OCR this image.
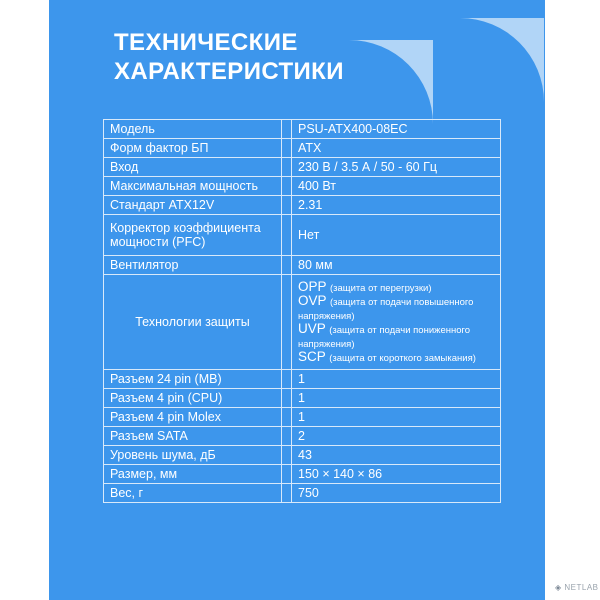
ТЕХНИЧЕСКИЕ
ХАРАКТЕРИСТИКИ
Модель		PSU-ATX400-08EC
Форм фактор БП		ATX
Вход		230 В / 3.5 А / 50 - 60 Гц
Максимальная мощность		400 Вт
Стандарт ATX12V		2.31
Корректор коэффициента мощности (PFC)		Нет
Вентилятор		80 мм
Технологии защиты		OPP (защита от перегрузки)
OVP (защита от подачи повышенного напряжения)
UVP (защита от подачи пониженного напряжения)
SCP (защита от короткого замыкания)

Разъем 24 pin (MB)		1
Разъем 4 pin (CPU)		1
Разъем 4 pin Molex		1
Разъем SATA		2
Уровень шума, дБ		43
Размер, мм		150 × 140 × 86
Вес, г		750
◈ NETLAB
